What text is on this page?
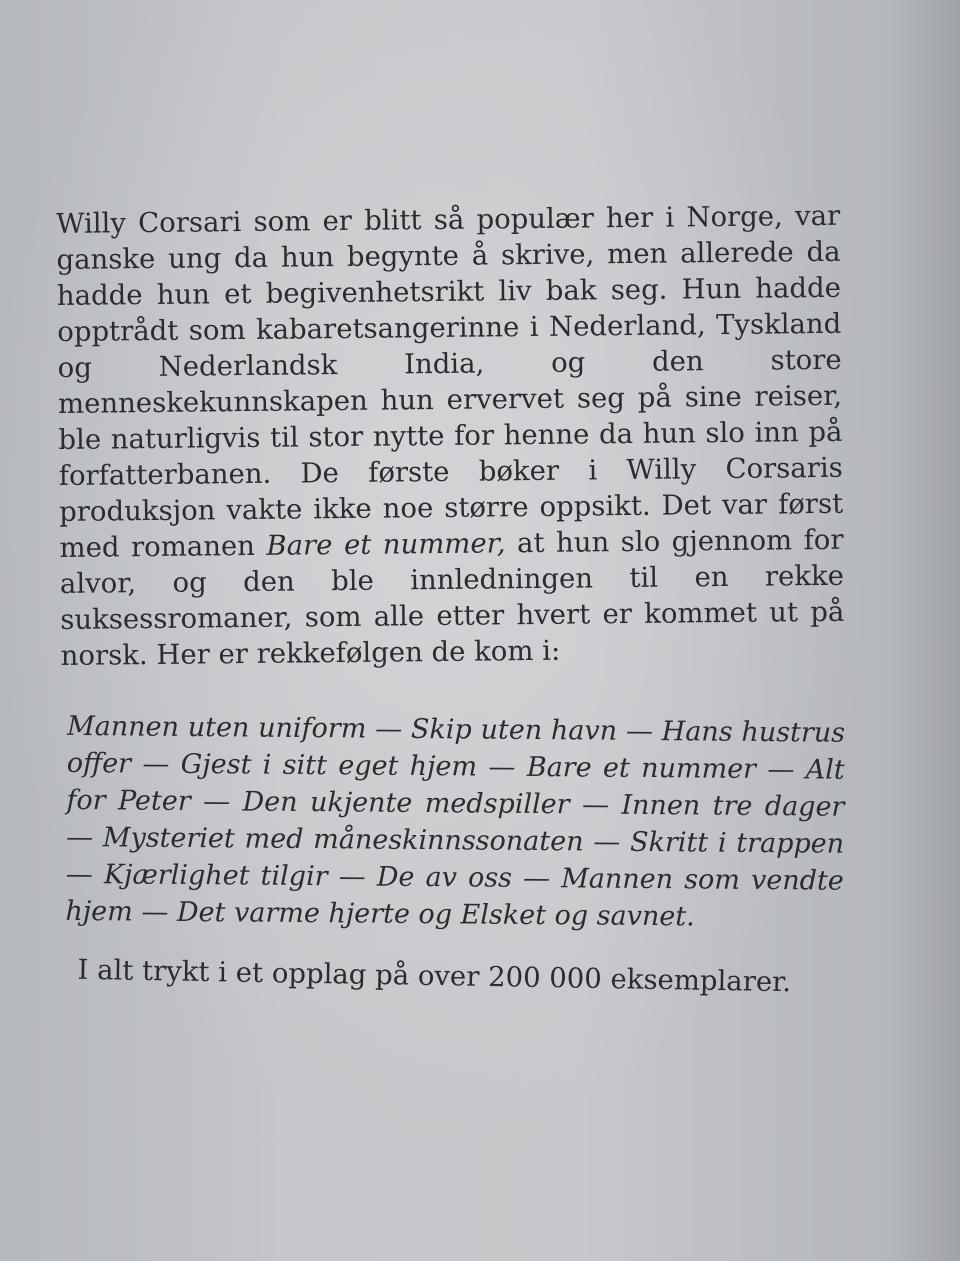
Willy Corsari som er blitt så populær her i Norge, var ganske ung da hun begynte å skrive, men allerede da hadde hun et begivenhetsrikt liv bak seg. Hun hadde opptrådt som kabaretsangerinne i Nederland, Tyskland og Nederlandsk India, og den store menneskekunnskapen hun ervervet seg på sine reiser, ble naturligvis til stor nytte for henne da hun slo inn på forfatterbanen. De første bøker i Willy Corsaris produksjon vakte ikke noe større oppsikt. Det var først med romanen Bare et nummer, at hun slo gjennom for alvor, og den ble innledningen til en rekke suksessromaner, som alle etter hvert er kommet ut på norsk. Her er rekkefølgen de kom i:

Mannen uten uniform — Skip uten havn — Hans hustrus offer — Gjest i sitt eget hjem — Bare et nummer — Alt for Peter — Den ukjente medspiller — Innen tre dager — Mysteriet med måneskinnssonaten — Skritt i trappen — Kjærlighet tilgir — De av oss — Mannen som vendte hjem — Det varme hjerte og Elsket og savnet.

I alt trykt i et opplag på over 200 000 eksemplarer.
